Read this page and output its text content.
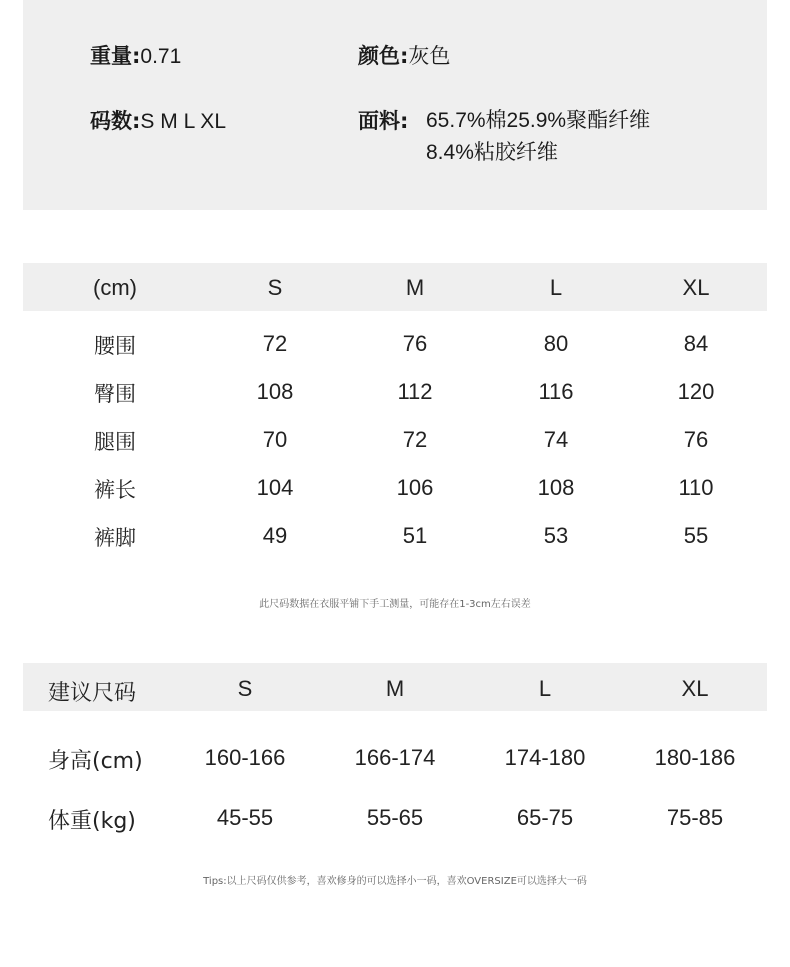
重量:0.71	颜色:灰色
码数:S M L XL	面料: 65.7%棉25.9%聚酯纤维
8.4%粘胶纤维
(cm)	S	M	L	XL
腰围	72	76	80	84
臀围	108	112	116	120
腿围	70	72	74	76
裤长	104	106	108	110
裤脚	49	51	53	55
此尺码数据在衣服平铺下手工测量，可能存在1-3cm左右误差
建议尺码	S	M	L	XL
身高(cm)	160-166	166-174	174-180	180-186
体重(kg)	45-55	55-65	65-75	75-85
Tips:以上尺码仅供参考，喜欢修身的可以选择小一码，喜欢OVERSIZE可以选择大一码
